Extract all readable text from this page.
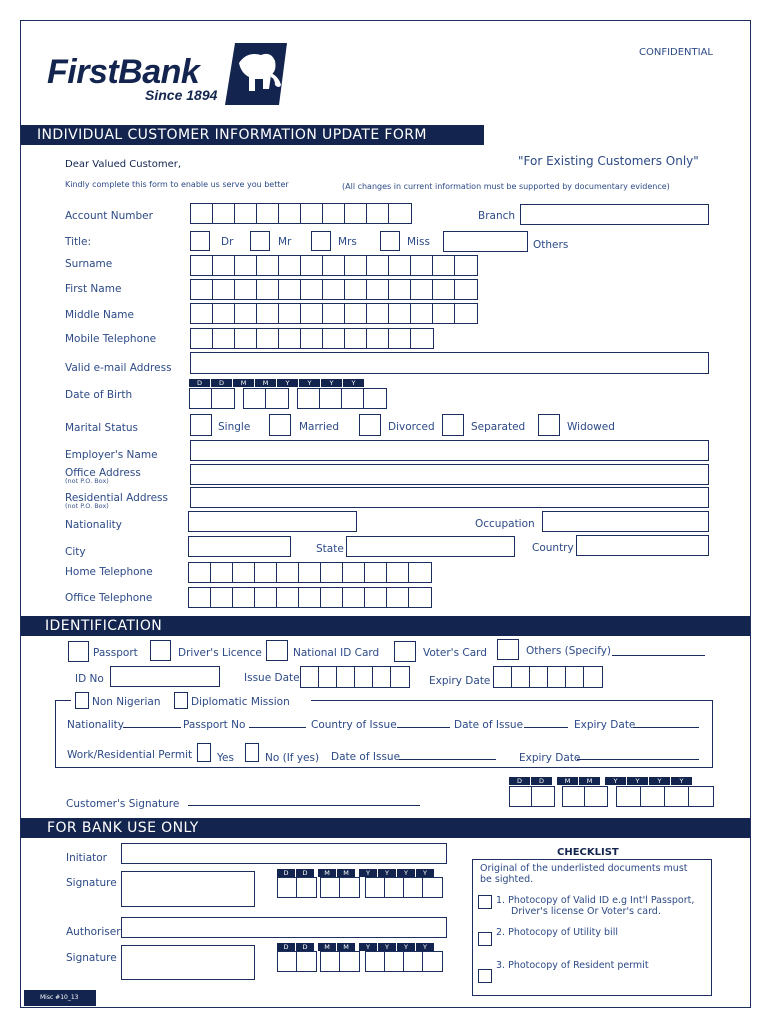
FirstBank
Since 1894
CONFIDENTIAL
INDIVIDUAL CUSTOMER INFORMATION UPDATE FORM
"For Existing Customers Only"
Dear Valued Customer,
Kindly complete this form to enable us serve you better	(All changes in current information must be supported by documentary evidence)
Account Number	Branch
Title:	Dr	Mr	Mrs	Miss	Others
Surname
First Name
Middle Name
Mobile Telephone
Valid e-mail Address
Date of Birth
D	D	M	M	Y	Y	Y	Y
Marital Status	Single	Married	Divorced	Separated	Widowed
Employer's Name
Office Address
(not P.O. Box)
Residential Address
(not P.O. Box)
Nationality	Occupation
City	State	Country
Home Telephone
Office Telephone
IDENTIFICATION
Passport	Driver's Licence	National ID Card	Voter's Card	Others (Specify)
ID No	Issue Date	Expiry Date
Non Nigerian	Diplomatic Mission
Nationality	Passport No	Country of Issue	Date of Issue	Expiry Date
Work/Residential Permit Yes	No (If yes) Date of Issue	Expiry Date
Customer's Signature
D	D	M	M	Y	Y	Y	Y
FOR BANK USE ONLY
Initiator
Signature
D	D	M	M	Y	Y	Y	Y
Authoriser
Signature
D	D	M	M	Y	Y	Y	Y
CHECKLIST
Original of the underlisted documents must be sighted.
1. Photocopy of Valid ID e.g Int'l Passport,
Driver's license Or Voter's card.
2. Photocopy of Utility bill
3. Photocopy of Resident permit
Misc #10_13
